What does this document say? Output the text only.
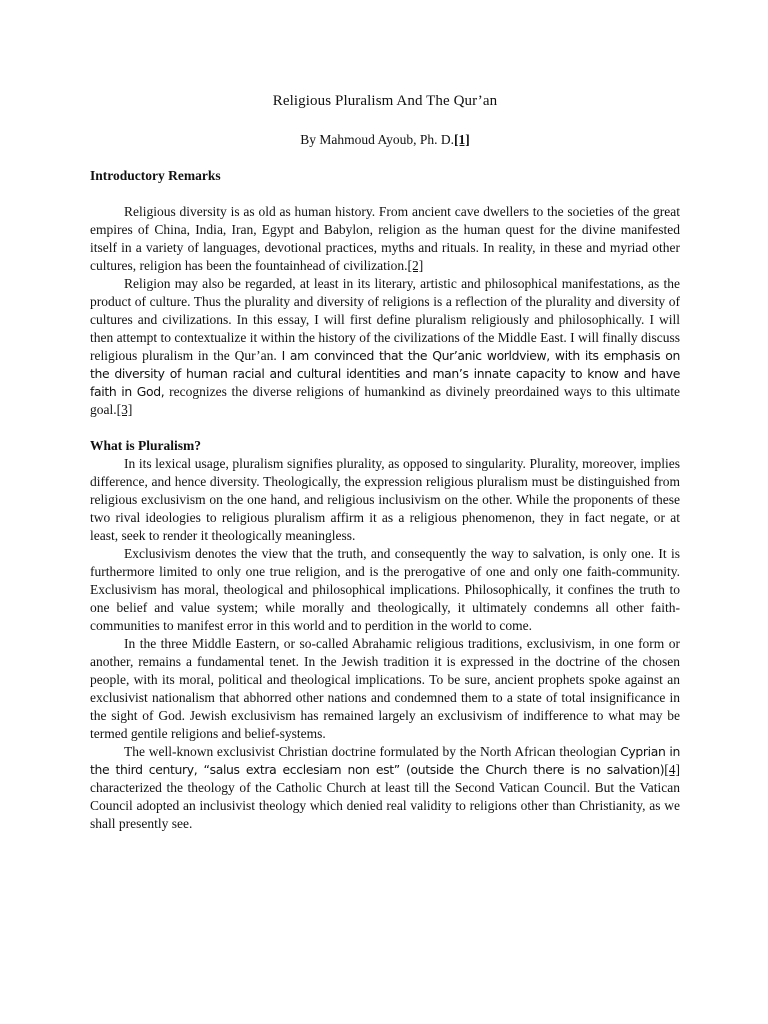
Religious Pluralism And The Qur’an
By Mahmoud Ayoub, Ph. D.[1]
Introductory Remarks

Religious diversity is as old as human history. From ancient cave dwellers to the societies of the great empires of China, India, Iran, Egypt and Babylon, religion as the human quest for the divine manifested itself in a variety of languages, devotional practices, myths and rituals. In reality, in these and myriad other cultures, religion has been the fountainhead of civilization.[2]

Religion may also be regarded, at least in its literary, artistic and philosophical manifestations, as the product of culture. Thus the plurality and diversity of religions is a reflection of the plurality and diversity of cultures and civilizations. In this essay, I will first define pluralism religiously and philosophically. I will then attempt to contextualize it within the history of the civilizations of the Middle East. I will finally discuss religious pluralism in the Qur’an. I am convinced that the Qur’anic worldview, with its emphasis on the diversity of human racial and cultural identities and man’s innate capacity to know and have faith in God, recognizes the diverse religions of humankind as divinely preordained ways to this ultimate goal.[3]

What is Pluralism?

In its lexical usage, pluralism signifies plurality, as opposed to singularity. Plurality, moreover, implies difference, and hence diversity. Theologically, the expression religious pluralism must be distinguished from religious exclusivism on the one hand, and religious inclusivism on the other. While the proponents of these two rival ideologies to religious pluralism affirm it as a religious phenomenon, they in fact negate, or at least, seek to render it theologically meaningless.

Exclusivism denotes the view that the truth, and consequently the way to salvation, is only one. It is furthermore limited to only one true religion, and is the prerogative of one and only one faith-community. Exclusivism has moral, theological and philosophical implications. Philosophically, it confines the truth to one belief and value system; while morally and theologically, it ultimately condemns all other faith-communities to manifest error in this world and to perdition in the world to come.

In the three Middle Eastern, or so-called Abrahamic religious traditions, exclusivism, in one form or another, remains a fundamental tenet. In the Jewish tradition it is expressed in the doctrine of the chosen people, with its moral, political and theological implications. To be sure, ancient prophets spoke against an exclusivist nationalism that abhorred other nations and condemned them to a state of total insignificance in the sight of God. Jewish exclusivism has remained largely an exclusivism of indifference to what may be termed gentile religions and belief-systems.

The well-known exclusivist Christian doctrine formulated by the North African theologian Cyprian in the third century, “salus extra ecclesiam non est” (outside the Church there is no salvation)[4] characterized the theology of the Catholic Church at least till the Second Vatican Council. But the Vatican Council adopted an inclusivist theology which denied real validity to religions other than Christianity, as we shall presently see.
